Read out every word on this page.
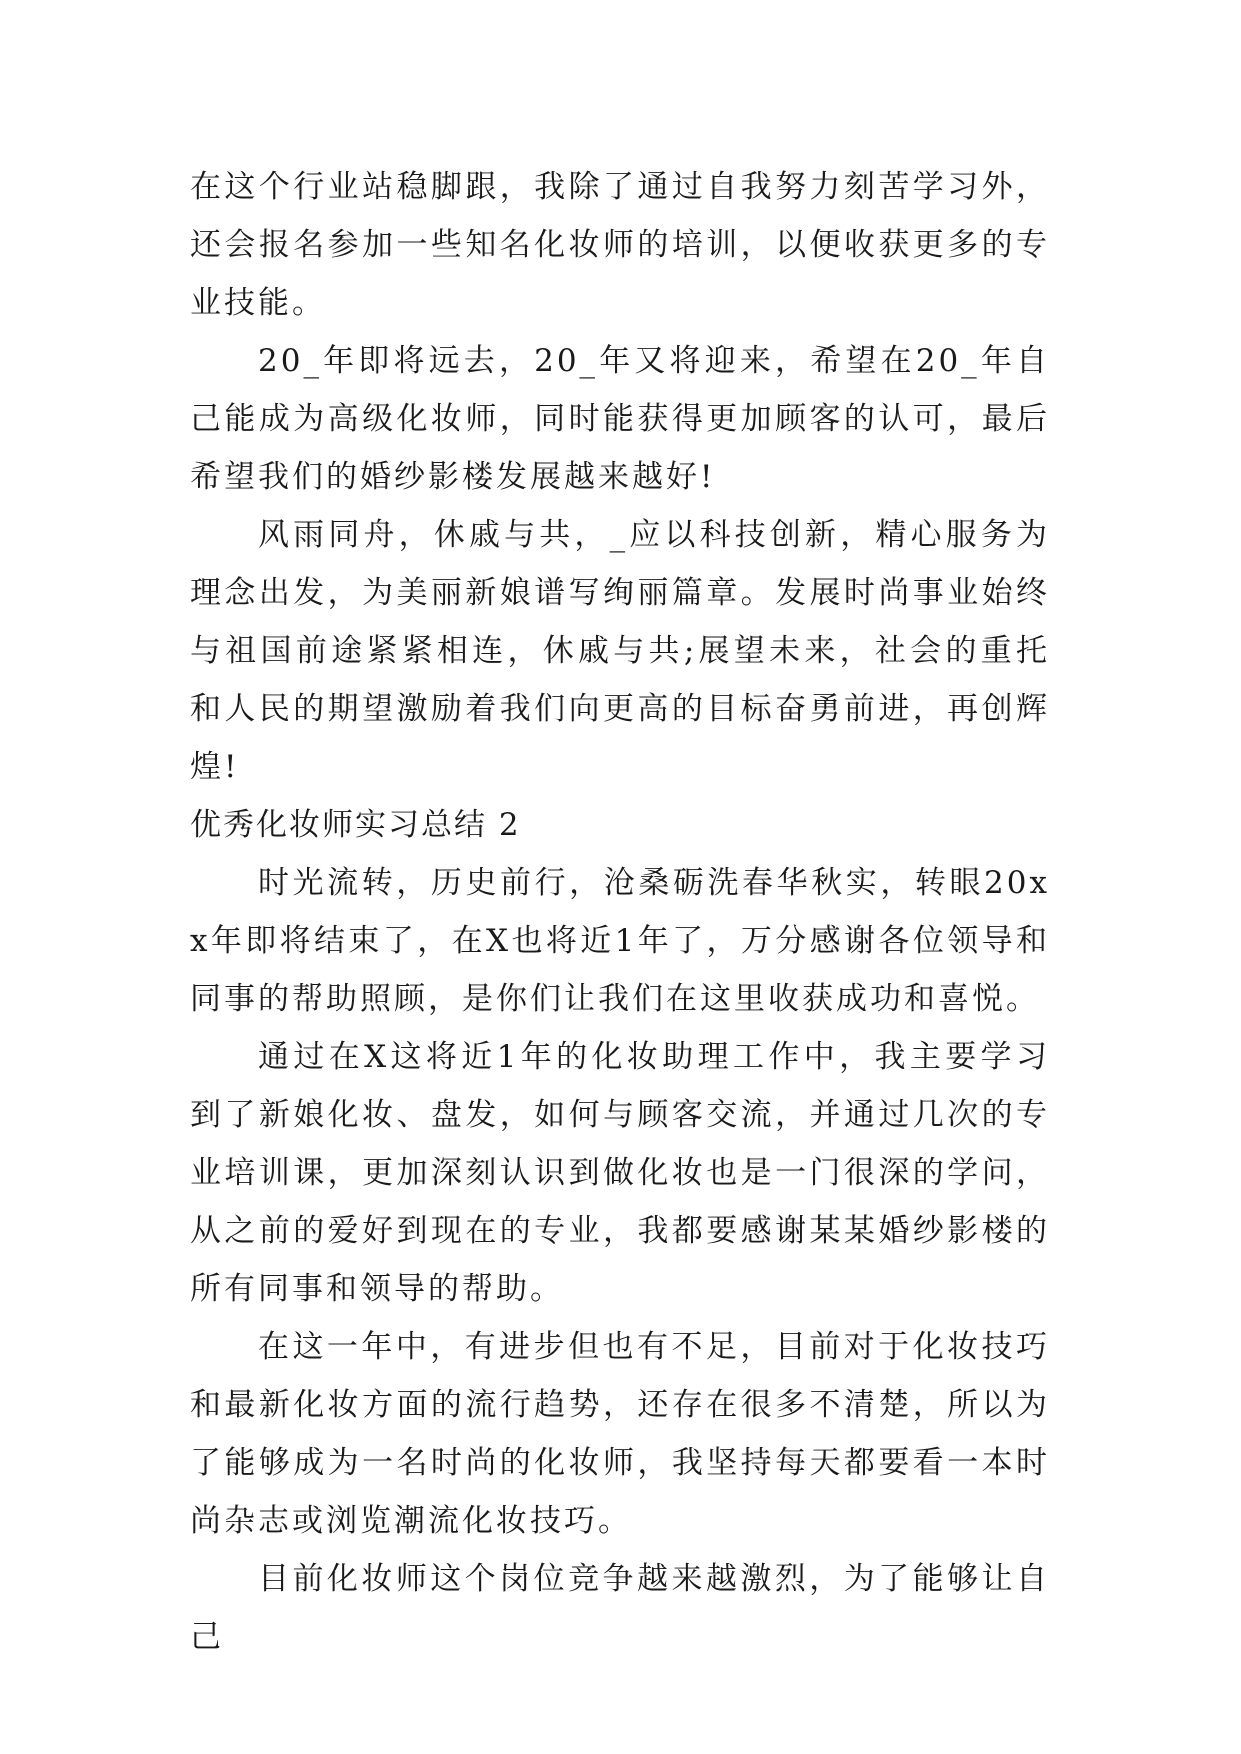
在这个行业站稳脚跟，我除了通过自我努力刻苦学习外，还会报名参加一些知名化妆师的培训，以便收获更多的专业技能。

20_年即将远去，20_年又将迎来，希望在20_年自己能成为高级化妆师，同时能获得更加顾客的认可，最后希望我们的婚纱影楼发展越来越好!

风雨同舟，休戚与共，_应以科技创新，精心服务为理念出发，为美丽新娘谱写绚丽篇章。发展时尚事业始终与祖国前途紧紧相连，休戚与共;展望未来，社会的重托和人民的期望激励着我们向更高的目标奋勇前进，再创辉煌!

优秀化妆师实习总结 2

时光流转，历史前行，沧桑砺洗春华秋实，转眼20xx年即将结束了，在X也将近1年了，万分感谢各位领导和同事的帮助照顾，是你们让我们在这里收获成功和喜悦。

通过在X这将近1年的化妆助理工作中，我主要学习到了新娘化妆、盘发，如何与顾客交流，并通过几次的专业培训课，更加深刻认识到做化妆也是一门很深的学问，从之前的爱好到现在的专业，我都要感谢某某婚纱影楼的所有同事和领导的帮助。

在这一年中，有进步但也有不足，目前对于化妆技巧和最新化妆方面的流行趋势，还存在很多不清楚，所以为了能够成为一名时尚的化妆师，我坚持每天都要看一本时尚杂志或浏览潮流化妆技巧。

目前化妆师这个岗位竞争越来越激烈，为了能够让自己
